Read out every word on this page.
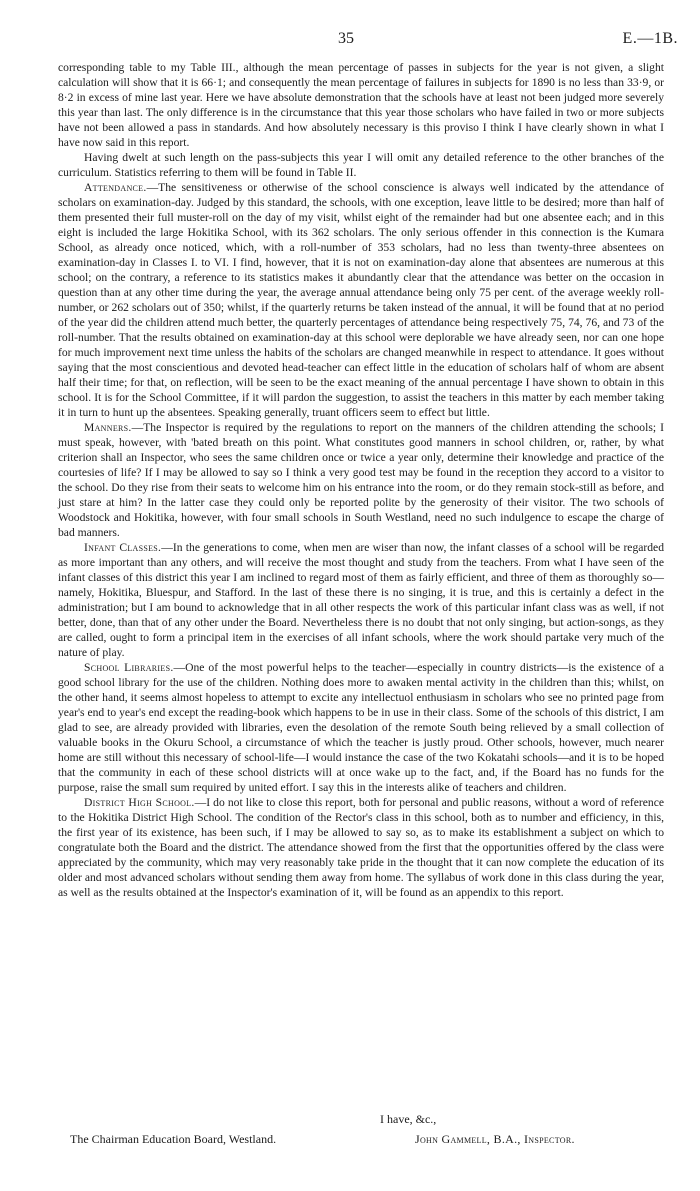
35	E.—1B.

corresponding table to my Table III., although the mean percentage of passes in subjects for the year is not given, a slight calculation will show that it is 66·1; and consequently the mean percentage of failures in subjects for 1890 is no less than 33·9, or 8·2 in excess of mine last year. Here we have absolute demonstration that the schools have at least not been judged more severely this year than last. The only difference is in the circumstance that this year those scholars who have failed in two or more subjects have not been allowed a pass in standards. And how absolutely necessary is this proviso I think I have clearly shown in what I have now said in this report.

Having dwelt at such length on the pass-subjects this year I will omit any detailed reference to the other branches of the curriculum. Statistics referring to them will be found in Table II.

Attendance.—The sensitiveness or otherwise of the school conscience is always well indicated by the attendance of scholars on examination-day. Judged by this standard, the schools, with one exception, leave little to be desired; more than half of them presented their full muster-roll on the day of my visit, whilst eight of the remainder had but one absentee each; and in this eight is included the large Hokitika School, with its 362 scholars. The only serious offender in this connection is the Kumara School, as already once noticed, which, with a roll-number of 353 scholars, had no less than twenty-three absentees on examination-day in Classes I. to VI. I find, however, that it is not on examination-day alone that absentees are numerous at this school; on the contrary, a reference to its statistics makes it abundantly clear that the attendance was better on the occasion in question than at any other time during the year, the average annual attendance being only 75 per cent. of the average weekly roll-number, or 262 scholars out of 350; whilst, if the quarterly returns be taken instead of the annual, it will be found that at no period of the year did the children attend much better, the quarterly percentages of attendance being respectively 75, 74, 76, and 73 of the roll-number. That the results obtained on examination-day at this school were deplorable we have already seen, nor can one hope for much improvement next time unless the habits of the scholars are changed meanwhile in respect to attendance. It goes without saying that the most conscientious and devoted head-teacher can effect little in the education of scholars half of whom are absent half their time; for that, on reflection, will be seen to be the exact meaning of the annual percentage I have shown to obtain in this school. It is for the School Committee, if it will pardon the suggestion, to assist the teachers in this matter by each member taking it in turn to hunt up the absentees. Speaking generally, truant officers seem to effect but little.

Manners.—The Inspector is required by the regulations to report on the manners of the children attending the schools; I must speak, however, with 'bated breath on this point. What constitutes good manners in school children, or, rather, by what criterion shall an Inspector, who sees the same children once or twice a year only, determine their knowledge and practice of the courtesies of life? If I may be allowed to say so I think a very good test may be found in the reception they accord to a visitor to the school. Do they rise from their seats to welcome him on his entrance into the room, or do they remain stock-still as before, and just stare at him? In the latter case they could only be reported polite by the generosity of their visitor. The two schools of Woodstock and Hokitika, however, with four small schools in South Westland, need no such indulgence to escape the charge of bad manners.

Infant Classes.—In the generations to come, when men are wiser than now, the infant classes of a school will be regarded as more important than any others, and will receive the most thought and study from the teachers. From what I have seen of the infant classes of this district this year I am inclined to regard most of them as fairly efficient, and three of them as thoroughly so—namely, Hokitika, Bluespur, and Stafford. In the last of these there is no singing, it is true, and this is certainly a defect in the administration; but I am bound to acknowledge that in all other respects the work of this particular infant class was as well, if not better, done, than that of any other under the Board. Nevertheless there is no doubt that not only singing, but action-songs, as they are called, ought to form a principal item in the exercises of all infant schools, where the work should partake very much of the nature of play.

School Libraries.—One of the most powerful helps to the teacher—especially in country districts—is the existence of a good school library for the use of the children. Nothing does more to awaken mental activity in the children than this; whilst, on the other hand, it seems almost hopeless to attempt to excite any intellectuol enthusiasm in scholars who see no printed page from year's end to year's end except the reading-book which happens to be in use in their class. Some of the schools of this district, I am glad to see, are already provided with libraries, even the desolation of the remote South being relieved by a small collection of valuable books in the Okuru School, a circumstance of which the teacher is justly proud. Other schools, however, much nearer home are still without this necessary of school-life—I would instance the case of the two Kokatahi schools—and it is to be hoped that the community in each of these school districts will at once wake up to the fact, and, if the Board has no funds for the purpose, raise the small sum required by united effort. I say this in the interests alike of teachers and children.

District High School.—I do not like to close this report, both for personal and public reasons, without a word of reference to the Hokitika District High School. The condition of the Rector's class in this school, both as to number and efficiency, in this, the first year of its existence, has been such, if I may be allowed to say so, as to make its establishment a subject on which to congratulate both the Board and the district. The attendance showed from the first that the opportunities offered by the class were appreciated by the community, which may very reasonably take pride in the thought that it can now complete the education of its older and most advanced scholars without sending them away from home. The syllabus of work done in this class during the year, as well as the results obtained at the Inspector's examination of it, will be found as an appendix to this report.

I have, &c.,
The Chairman Education Board, Westland.	John Gammell, B.A., Inspector.
